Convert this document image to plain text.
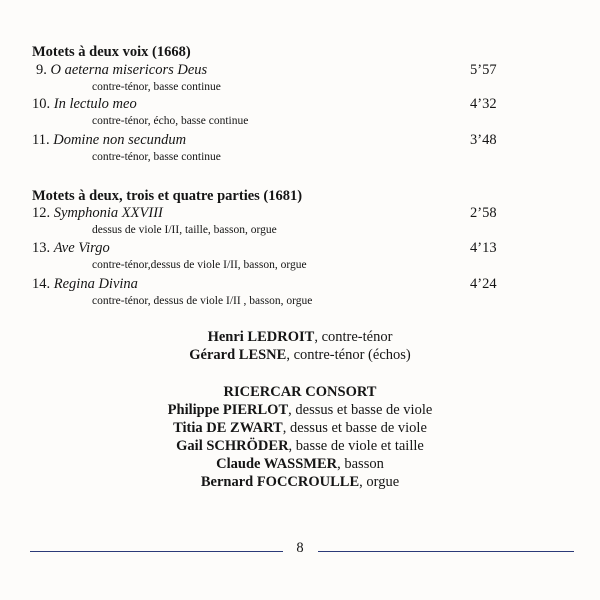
Motets à deux voix (1668)
9. O aeterna misericors Deus	5’57
contre-ténor, basse continue
10. In lectulo meo	4’32
contre-ténor, écho, basse continue
11. Domine non secundum	3’48
contre-ténor, basse continue
Motets à deux, trois et quatre parties (1681)
12. Symphonia XXVIII	2’58
dessus de viole I/II, taille, basson, orgue
13. Ave Virgo	4’13
contre-ténor,dessus de viole I/II, basson, orgue
14. Regina Divina	4’24
contre-ténor, dessus de viole I/II , basson, orgue
Henri LEDROIT, contre-ténor
Gérard LESNE, contre-ténor (échos)
RICERCAR CONSORT
Philippe PIERLOT, dessus et basse de viole
Titia DE ZWART, dessus et basse de viole
Gail SCHRÖDER, basse de viole et taille
Claude WASSMER, basson
Bernard FOCCROULLE, orgue
8
